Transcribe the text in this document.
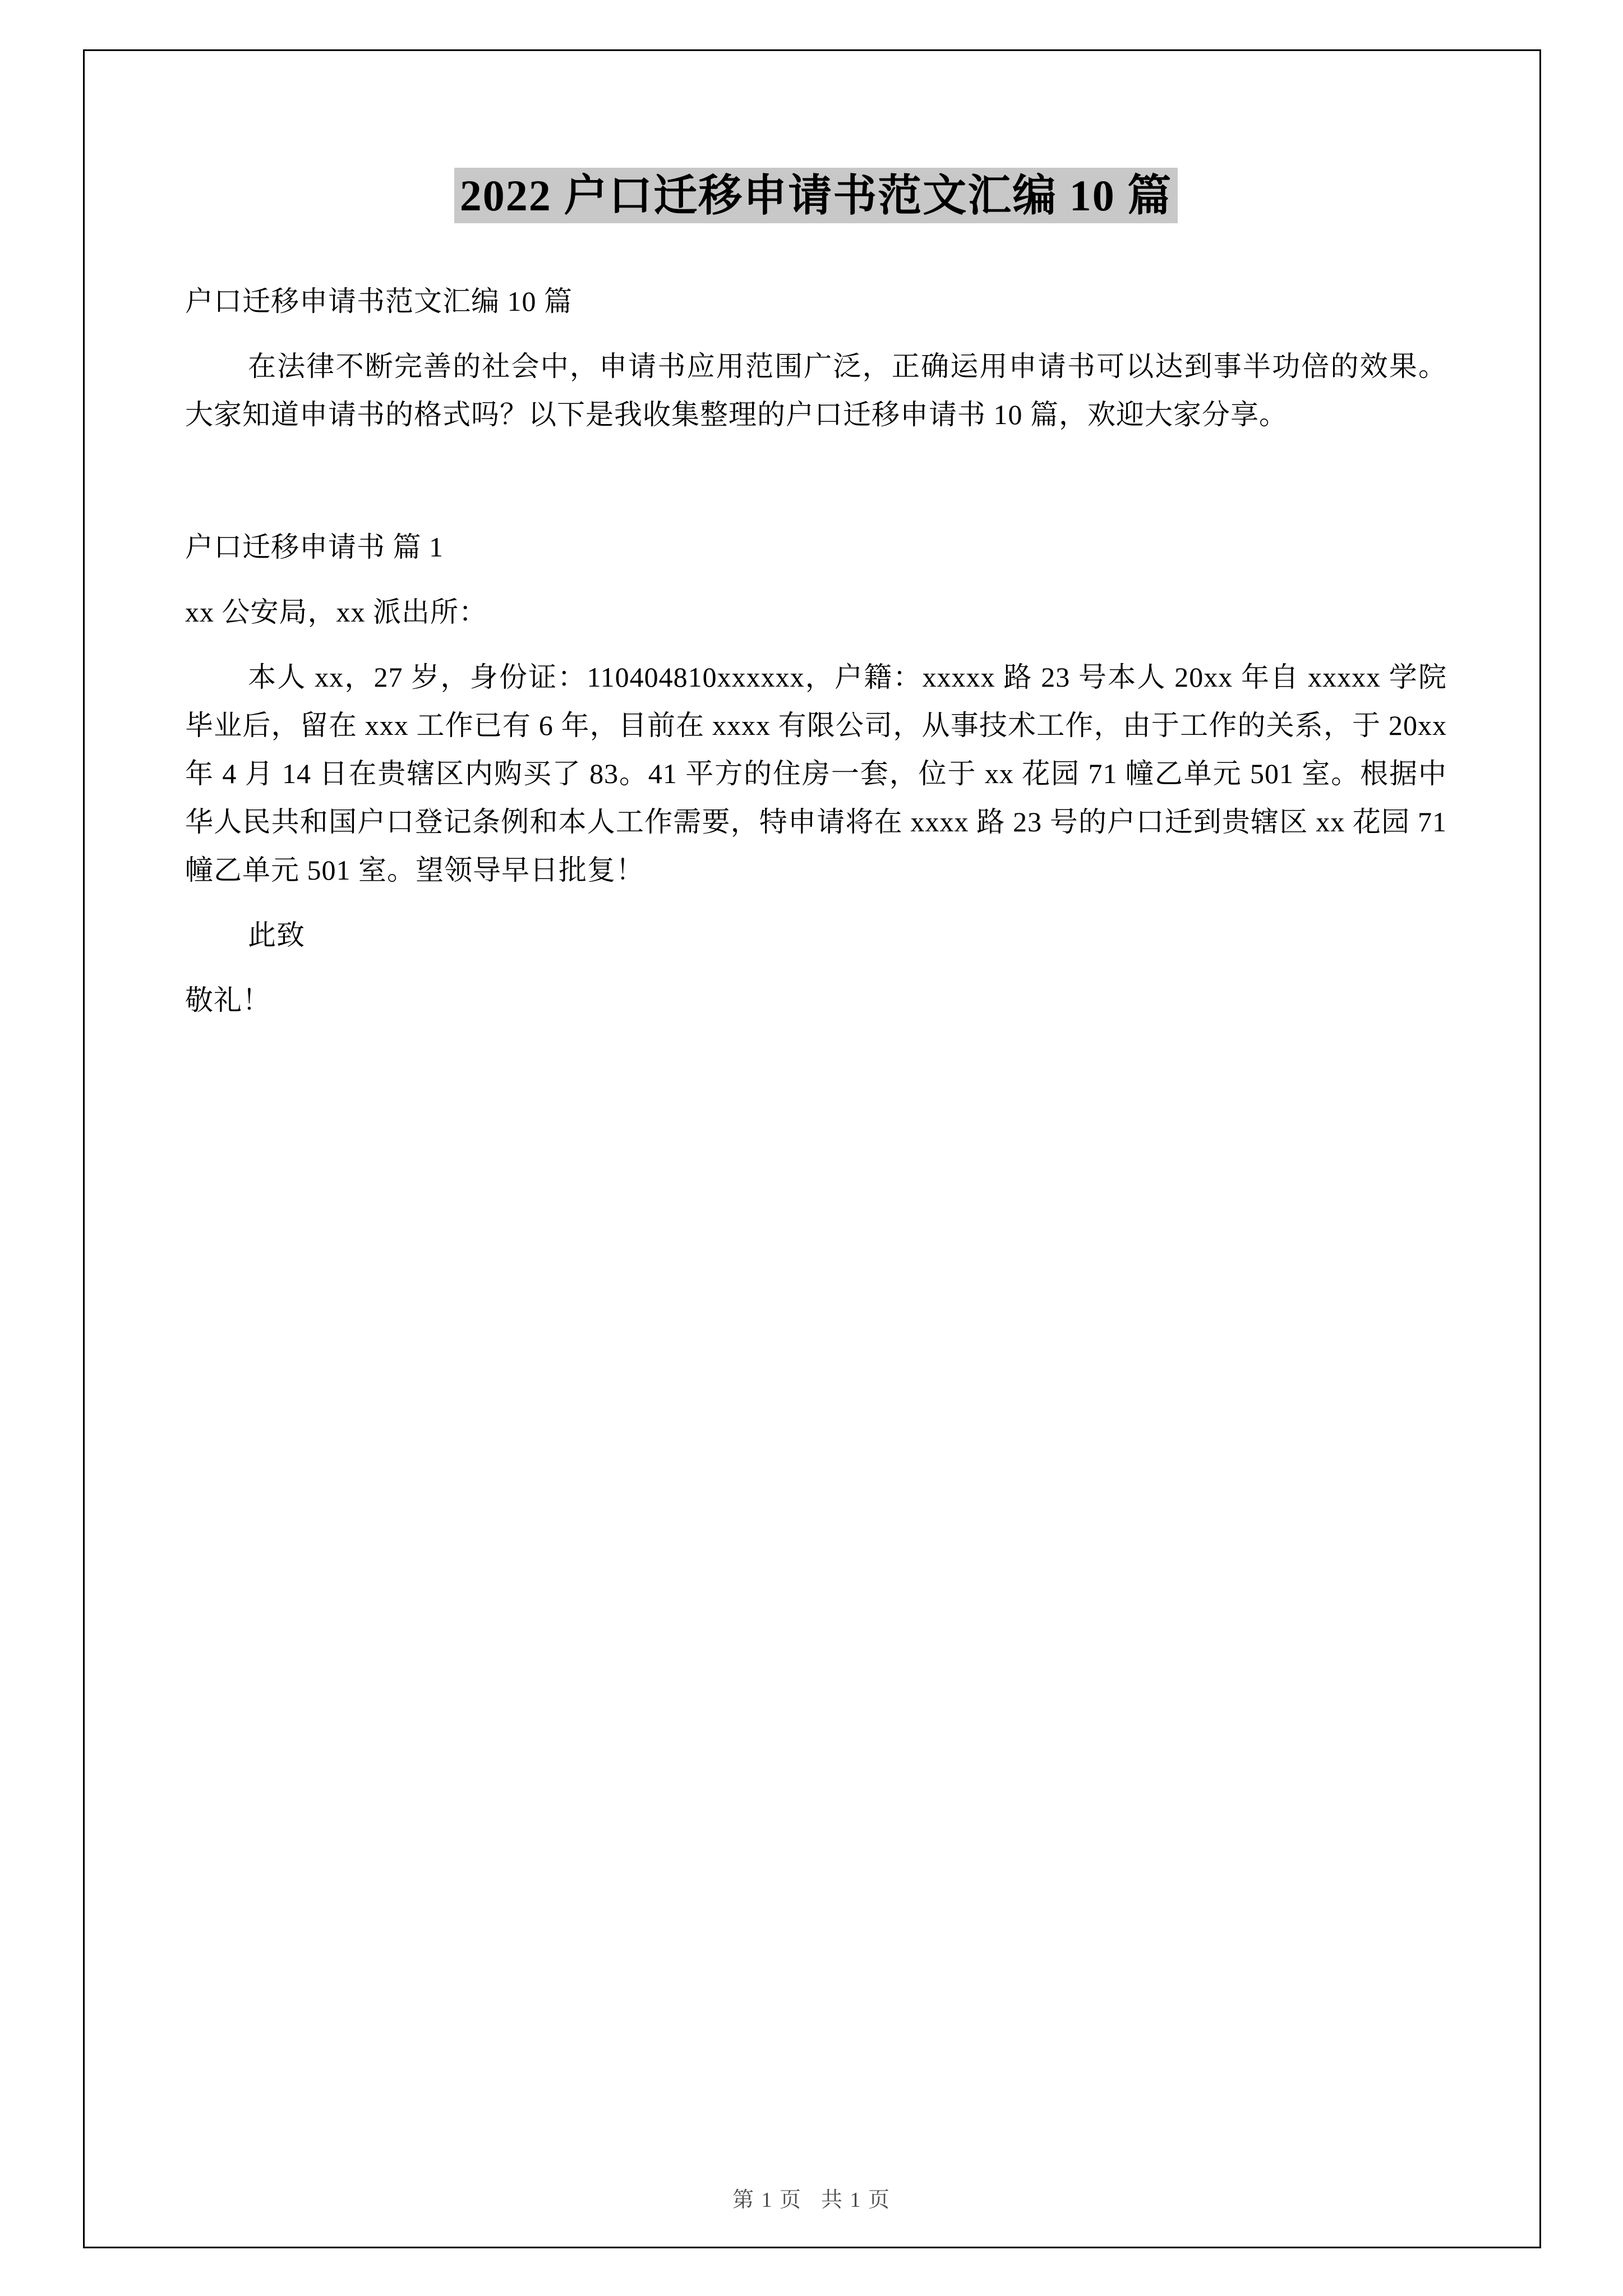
2022 户口迁移申请书范文汇编 10 篇

户口迁移申请书范文汇编 10 篇

在法律不断完善的社会中，申请书应用范围广泛，正确运用申请书可以达到事半功倍的效果。大家知道申请书的格式吗？以下是我收集整理的户口迁移申请书 10 篇，欢迎大家分享。

户口迁移申请书 篇 1

xx 公安局，xx 派出所：

本人 xx，27 岁，身份证：110404810xxxxxx，户籍：xxxxx 路 23 号本人 20xx 年自 xxxxx 学院毕业后，留在 xxx 工作已有 6 年，目前在 xxxx 有限公司，从事技术工作，由于工作的关系，于 20xx 年 4 月 14 日在贵辖区内购买了 83。41 平方的住房一套，位于 xx 花园 71 幢乙单元 501 室。根据中华人民共和国户口登记条例和本人工作需要，特申请将在 xxxx 路 23 号的户口迁到贵辖区 xx 花园 71 幢乙单元 501 室。望领导早日批复！

此致

敬礼！

第 1 页 共 1 页
